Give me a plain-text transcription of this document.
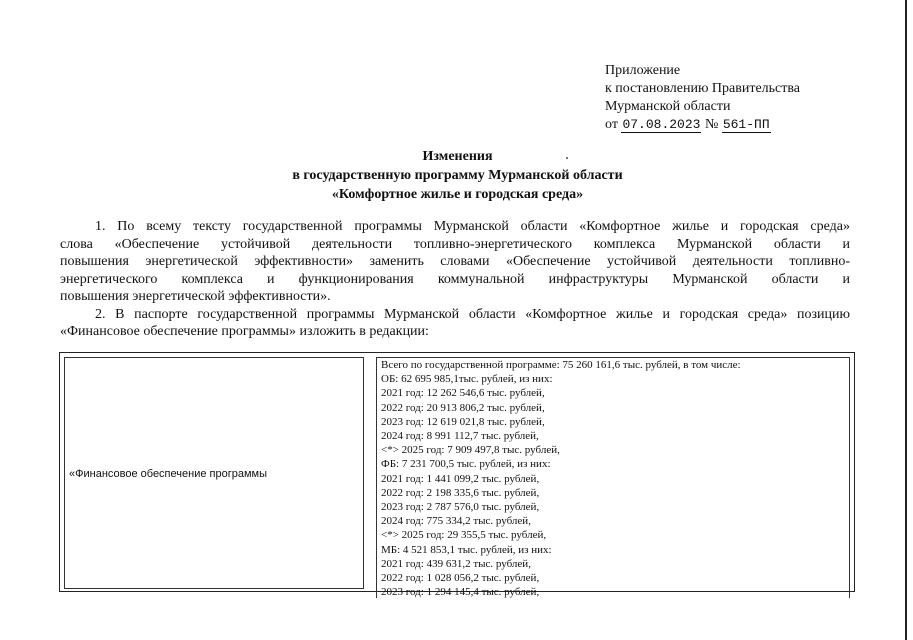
Приложение
к постановлению Правительства
Мурманской области
от 07.08.2023 № 561-ПП
Изменения
в государственную программу Мурманской области
«Комфортное жилье и городская среда»

1. По всему тексту государственной программы Мурманской области «Комфортное жилье и городская среда»
слова «Обеспечение устойчивой деятельности топливно-энергетического комплекса Мурманской области и
повышения энергетической эффективности» заменить словами «Обеспечение устойчивой деятельности топливно-
энергетического комплекса и функционирования коммунальной инфраструктуры Мурманской области и
повышения энергетической эффективности».

2. В паспорте государственной программы Мурманской области «Комфортное жилье и городская среда» позицию
«Финансовое обеспечение программы» изложить в редакции:

«Финансовое обеспечение программы
Всего по государственной программе: 75 260 161,6 тыс. рублей, в том числе:
ОБ: 62 695 985,1тыс. рублей, из них:
2021 год: 12 262 546,6 тыс. рублей,
2022 год: 20 913 806,2 тыс. рублей,
2023 год: 12 619 021,8 тыс. рублей,
2024 год: 8 991 112,7 тыс. рублей,
<*> 2025 год: 7 909 497,8 тыс. рублей,
ФБ: 7 231 700,5 тыс. рублей, из них:
2021 год: 1 441 099,2 тыс. рублей,
2022 год: 2 198 335,6 тыс. рублей,
2023 год: 2 787 576,0 тыс. рублей,
2024 год: 775 334,2 тыс. рублей,
<*> 2025 год: 29 355,5 тыс. рублей,
МБ: 4 521 853,1 тыс. рублей, из них:
2021 год: 439 631,2 тыс. рублей,
2022 год: 1 028 056,2 тыс. рублей,
2023 год: 1 294 145,4 тыс. рублей,
